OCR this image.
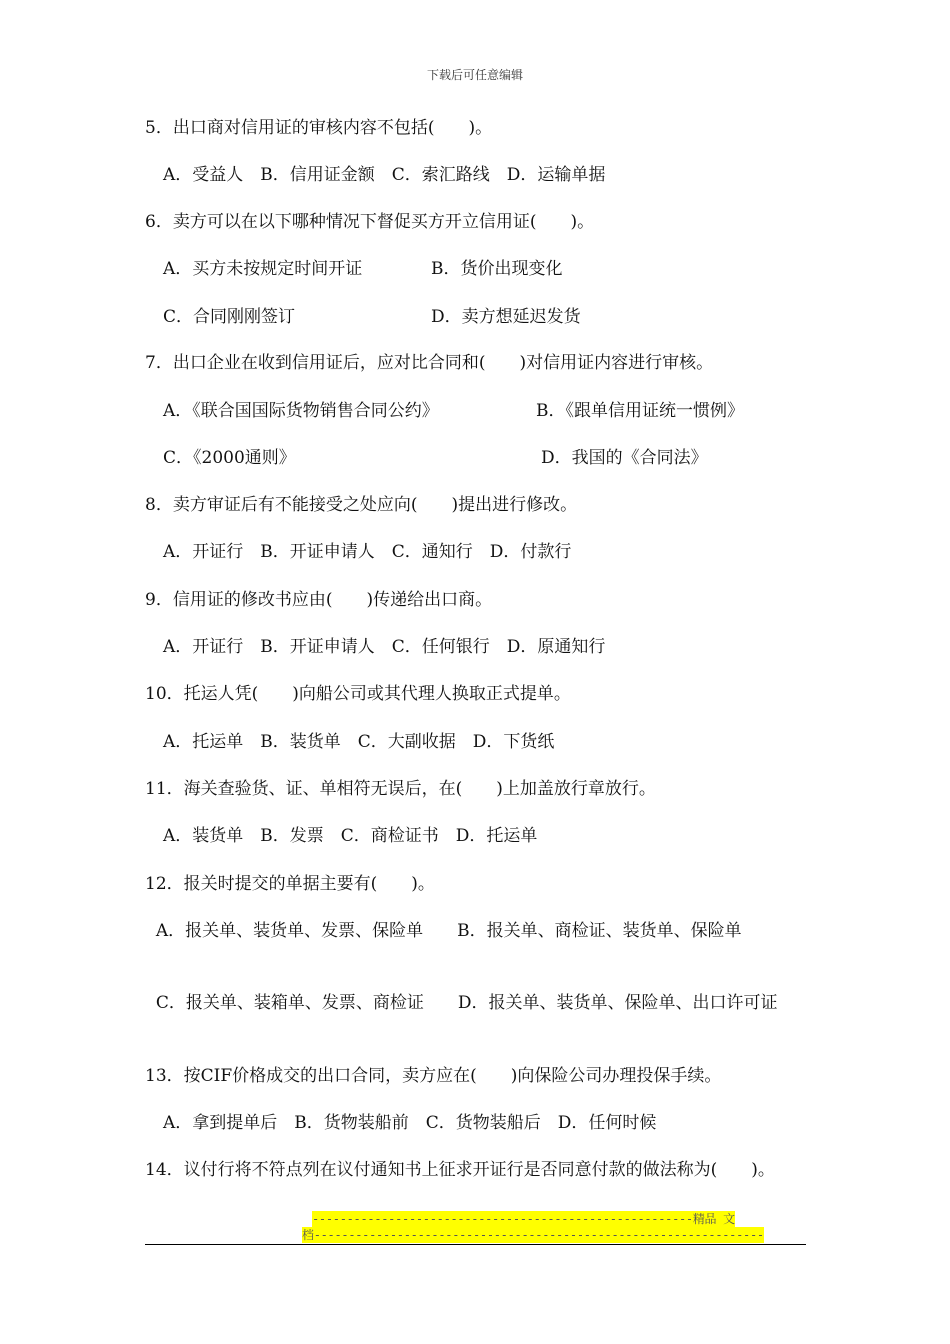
下载后可任意编辑
5．出口商对信用证的审核内容不包括(　　)。
A．受益人　B．信用证金额　C．索汇路线　D．运输单据
6．卖方可以在以下哪种情况下督促买方开立信用证(　　)。
A．买方未按规定时间开证	B．货价出现变化
C．合同刚刚签订	D．卖方想延迟发货
7．出口企业在收到信用证后，应对比合同和(　　)对信用证内容进行审核。
A．《联合国国际货物销售合同公约》	B．《跟单信用证统一惯例》
C．《2000通则》	D．我国的《合同法》
8．卖方审证后有不能接受之处应向(　　)提出进行修改。
A．开证行　B．开证申请人　C．通知行　D．付款行
9．信用证的修改书应由(　　)传递给出口商。
A．开证行　B．开证申请人　C．任何银行　D．原通知行
10．托运人凭(　　)向船公司或其代理人换取正式提单。
A．托运单　B．装货单　C．大副收据　D．下货纸
11．海关查验货、证、单相符无误后，在(　　)上加盖放行章放行。
A．装货单　B．发票　C．商检证书　D．托运单
12．报关时提交的单据主要有(　　)。
A．报关单、装货单、发票、保险单　　B．报关单、商检证、装货单、保险单
C．报关单、装箱单、发票、商检证　　D．报关单、装货单、保险单、出口许可证
13．按CIF价格成交的出口合同，卖方应在(　　)向保险公司办理投保手续。
A．拿到提单后　B．货物装船前　C．货物装船后　D．任何时候
14．议付行将不符点列在议付通知书上征求开证行是否同意付款的做法称为(　　)。
-------------------------------------------------------精品 文
档-----------------------------------------------------------------
